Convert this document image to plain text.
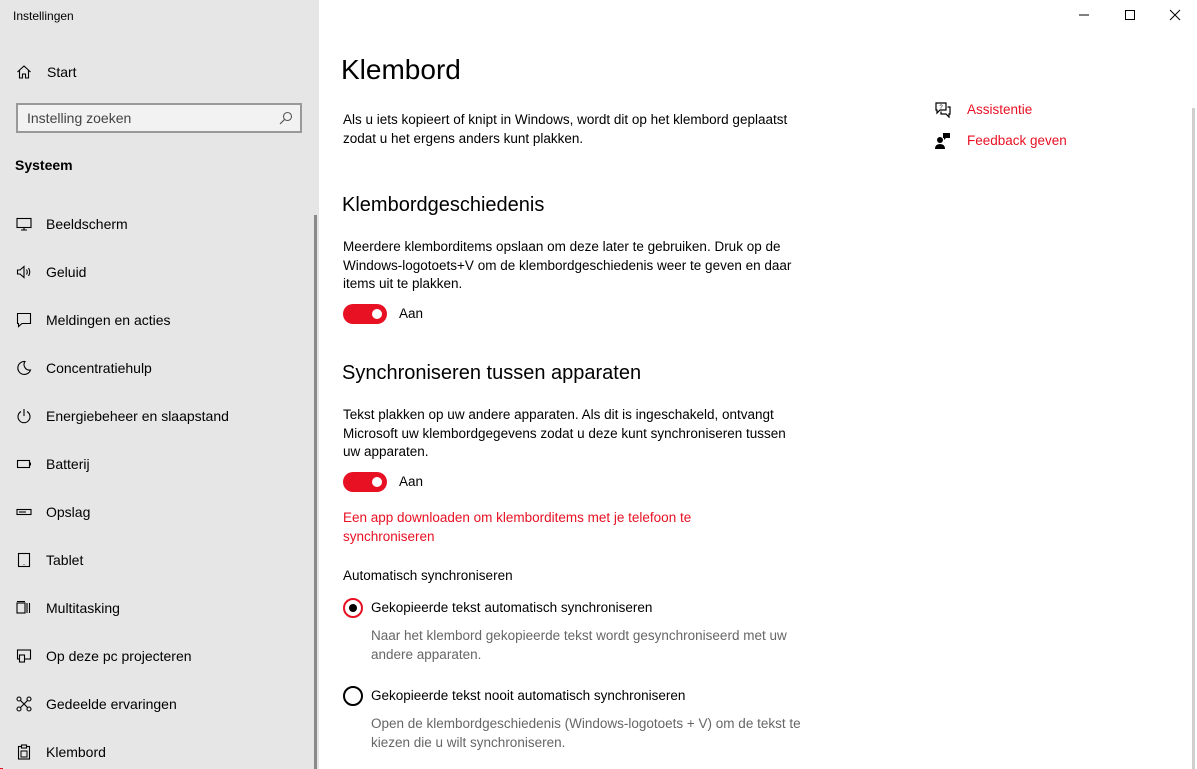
Instellingen
Start
Instelling zoeken
Systeem
Beeldscherm
Geluid
Meldingen en acties
Concentratiehulp
Energiebeheer en slaapstand
Batterij
Opslag
Tablet
Multitasking
Op deze pc projecteren
Gedeelde ervaringen
Klembord
Klembord
Als u iets kopieert of knipt in Windows, wordt dit op het klembord geplaatst zodat u het ergens anders kunt plakken.
Klembordgeschiedenis
Meerdere klemborditems opslaan om deze later te gebruiken. Druk op de Windows-logotoets+V om de klembordgeschiedenis weer te geven en daar items uit te plakken.
Aan
Synchroniseren tussen apparaten
Tekst plakken op uw andere apparaten. Als dit is ingeschakeld, ontvangt Microsoft uw klembordgegevens zodat u deze kunt synchroniseren tussen uw apparaten.
Aan
Een app downloaden om klemborditems met je telefoon te synchroniseren
Automatisch synchroniseren
Gekopieerde tekst automatisch synchroniseren
Naar het klembord gekopieerde tekst wordt gesynchroniseerd met uw andere apparaten.
Gekopieerde tekst nooit automatisch synchroniseren
Open de klembordgeschiedenis (Windows-logotoets + V) om de tekst te kiezen die u wilt synchroniseren.
? Assistentie
Feedback geven
